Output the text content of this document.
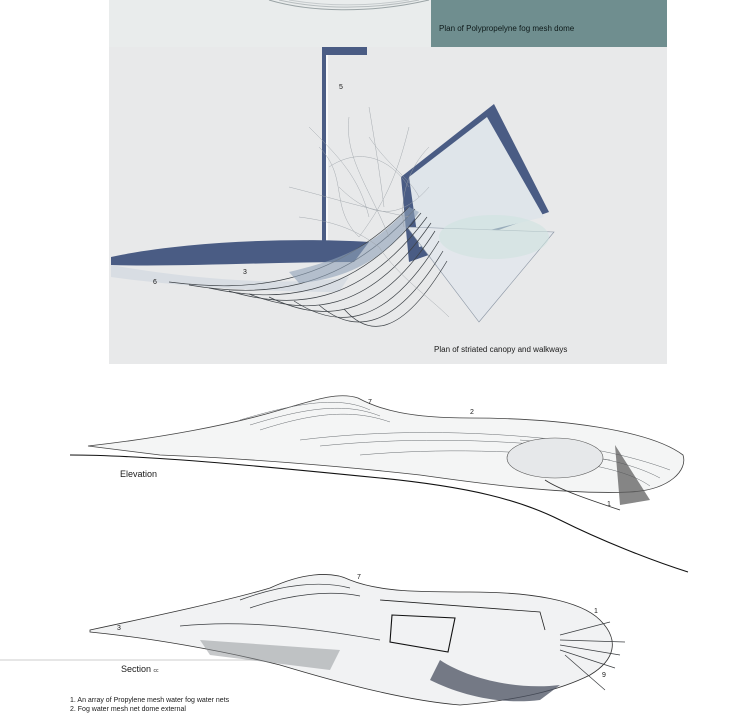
Plan of Polypropelyne fog mesh dome
5
3
6
Plan of striated canopy and walkways
Elevation
7
2
1
Section cc
7
1
3
9
1. An array of Propylene mesh water fog water nets
2. Fog water mesh net dome external
